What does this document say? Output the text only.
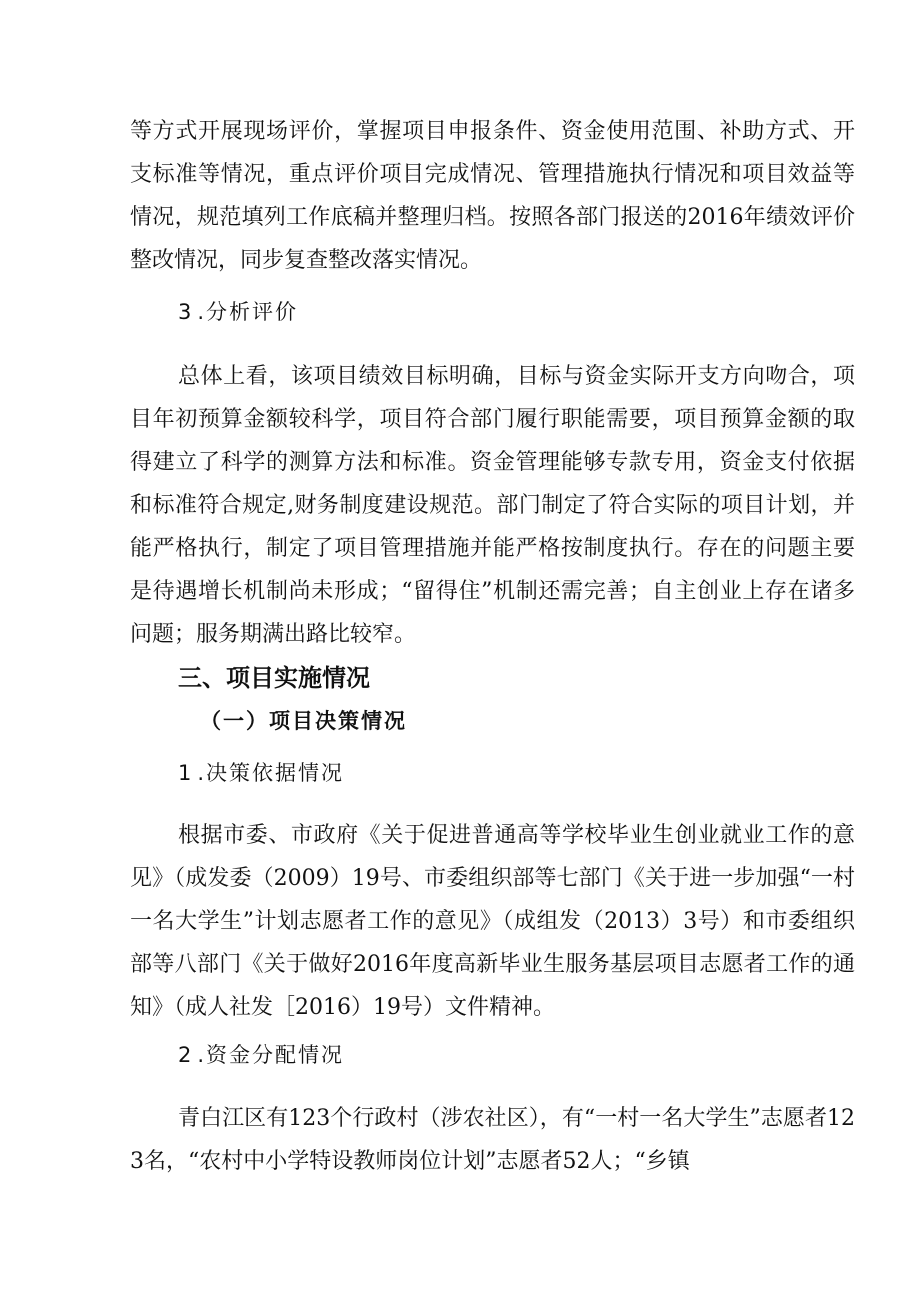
等方式开展现场评价，掌握项目申报条件、资金使用范围、补助方式、开支标准等情况，重点评价项目完成情况、管理措施执行情况和项目效益等情况，规范填列工作底稿并整理归档。按照各部门报送的2016年绩效评价整改情况，同步复查整改落实情况。

3 .分析评价

总体上看，该项目绩效目标明确，目标与资金实际开支方向吻合，项目年初预算金额较科学，项目符合部门履行职能需要，项目预算金额的取得建立了科学的测算方法和标准。资金管理能够专款专用，资金支付依据和标准符合规定,财务制度建设规范。部门制定了符合实际的项目计划，并能严格执行，制定了项目管理措施并能严格按制度执行。存在的问题主要是待遇增长机制尚未形成；“留得住”机制还需完善；自主创业上存在诸多问题；服务期满出路比较窄。

三、项目实施情况
（一）项目决策情况

1 .决策依据情况

根据市委、市政府《关于促进普通高等学校毕业生创业就业工作的意见》（成发委（2009）19号、市委组织部等七部门《关于进一步加强“一村一名大学生”计划志愿者工作的意见》（成组发（2013）3号）和市委组织部等八部门《关于做好2016年度高新毕业生服务基层项目志愿者工作的通知》（成人社发［2016）19号）文件精神。

2 .资金分配情况

青白江区有123个行政村（涉农社区），有“一村一名大学生”志愿者123名，“农村中小学特设教师岗位计划”志愿者52人；“乡镇
